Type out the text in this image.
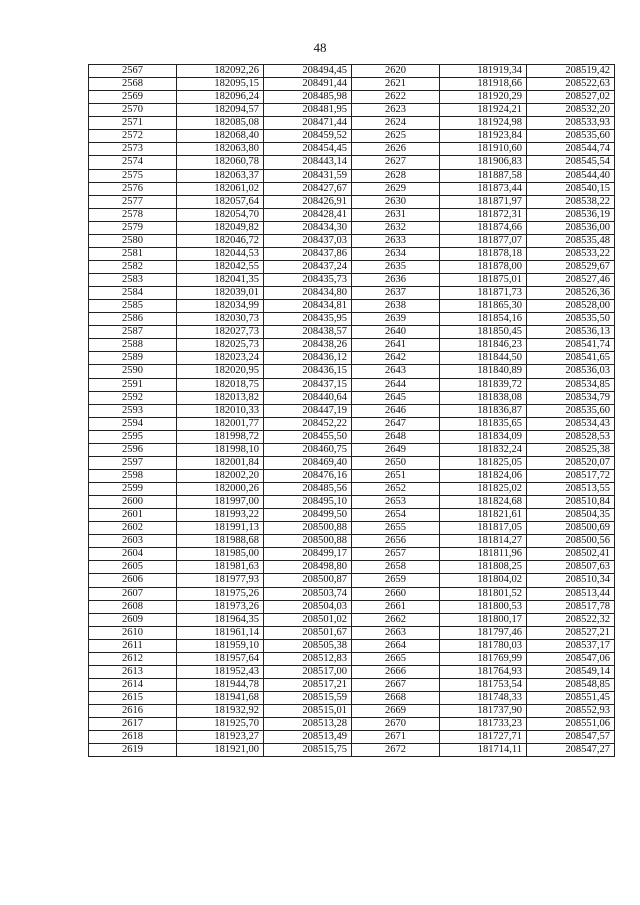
48
2567	182092,26	208494,45	2620	181919,34	208519,42
2568	182095,15	208491,44	2621	181918,66	208522,63
2569	182096,24	208485,98	2622	181920,29	208527,02
2570	182094,57	208481,95	2623	181924,21	208532,20
2571	182085,08	208471,44	2624	181924,98	208533,93
2572	182068,40	208459,52	2625	181923,84	208535,60
2573	182063,80	208454,45	2626	181910,60	208544,74
2574	182060,78	208443,14	2627	181906,83	208545,54
2575	182063,37	208431,59	2628	181887,58	208544,40
2576	182061,02	208427,67	2629	181873,44	208540,15
2577	182057,64	208426,91	2630	181871,97	208538,22
2578	182054,70	208428,41	2631	181872,31	208536,19
2579	182049,82	208434,30	2632	181874,66	208536,00
2580	182046,72	208437,03	2633	181877,07	208535,48
2581	182044,53	208437,86	2634	181878,18	208533,22
2582	182042,55	208437,24	2635	181878,00	208529,67
2583	182041,35	208435,73	2636	181875,01	208527,46
2584	182039,01	208434,80	2637	181871,73	208526,36
2585	182034,99	208434,81	2638	181865,30	208528,00
2586	182030,73	208435,95	2639	181854,16	208535,50
2587	182027,73	208438,57	2640	181850,45	208536,13
2588	182025,73	208438,26	2641	181846,23	208541,74
2589	182023,24	208436,12	2642	181844,50	208541,65
2590	182020,95	208436,15	2643	181840,89	208536,03
2591	182018,75	208437,15	2644	181839,72	208534,85
2592	182013,82	208440,64	2645	181838,08	208534,79
2593	182010,33	208447,19	2646	181836,87	208535,60
2594	182001,77	208452,22	2647	181835,65	208534,43
2595	181998,72	208455,50	2648	181834,09	208528,53
2596	181998,10	208460,75	2649	181832,24	208525,38
2597	182001,84	208469,40	2650	181825,05	208520,07
2598	182002,20	208476,16	2651	181824,06	208517,72
2599	182000,26	208485,56	2652	181825,02	208513,55
2600	181997,00	208495,10	2653	181824,68	208510,84
2601	181993,22	208499,50	2654	181821,61	208504,35
2602	181991,13	208500,88	2655	181817,05	208500,69
2603	181988,68	208500,88	2656	181814,27	208500,56
2604	181985,00	208499,17	2657	181811,96	208502,41
2605	181981,63	208498,80	2658	181808,25	208507,63
2606	181977,93	208500,87	2659	181804,02	208510,34
2607	181975,26	208503,74	2660	181801,52	208513,44
2608	181973,26	208504,03	2661	181800,53	208517,78
2609	181964,35	208501,02	2662	181800,17	208522,32
2610	181961,14	208501,67	2663	181797,46	208527,21
2611	181959,10	208505,38	2664	181780,03	208537,17
2612	181957,64	208512,83	2665	181769,99	208547,06
2613	181952,43	208517,00	2666	181764,93	208549,14
2614	181944,78	208517,21	2667	181753,54	208548,85
2615	181941,68	208515,59	2668	181748,33	208551,45
2616	181932,92	208515,01	2669	181737,90	208552,93
2617	181925,70	208513,28	2670	181733,23	208551,06
2618	181923,27	208513,49	2671	181727,71	208547,57
2619	181921,00	208515,75	2672	181714,11	208547,27
